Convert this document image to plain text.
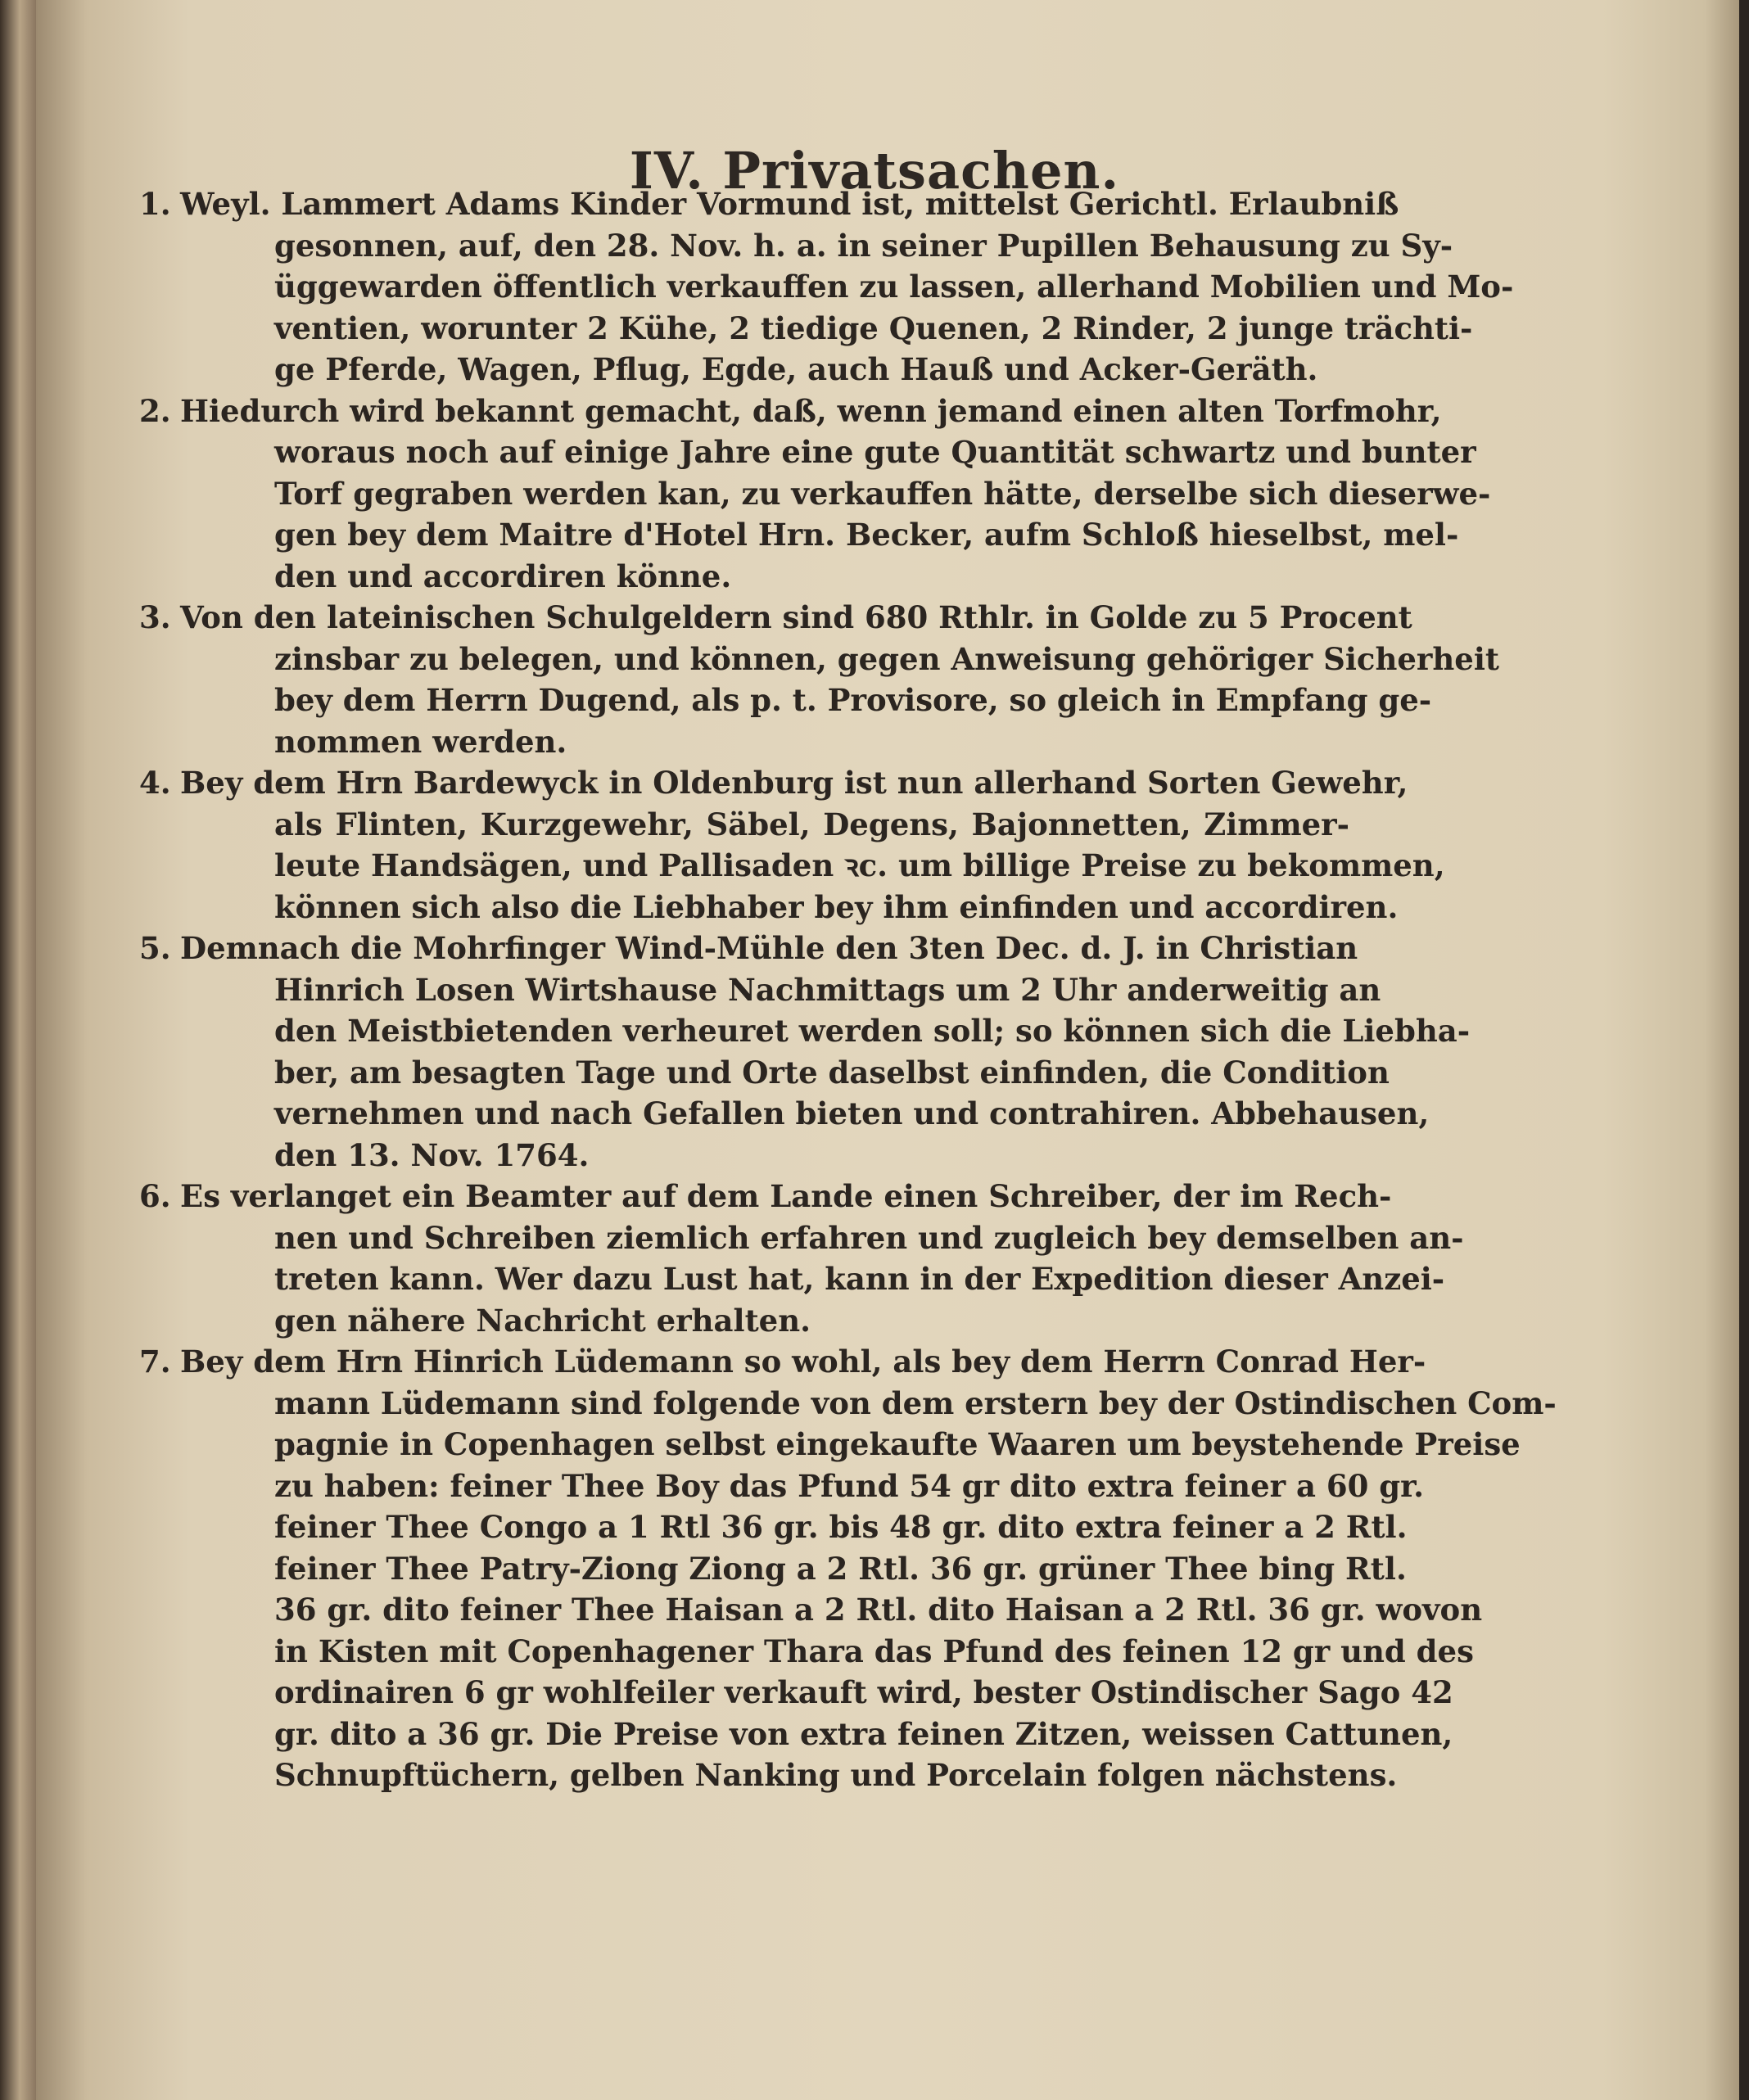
IV. Privatsachen.
1. Weyl. Lammert Adams Kinder Vormund ist, mittelst Gerichtl. Erlaubniß
gesonnen, auf, den 28. Nov. h. a. in seiner Pupillen Behausung zu Sy-
üggewarden öffentlich verkauffen zu lassen, allerhand Mobilien und Mo-
ventien, worunter 2 Kühe, 2 tiedige Quenen, 2 Rinder, 2 junge trächti-
ge Pferde, Wagen, Pflug, Egde, auch Hauß und Acker-Geräth.
2. Hiedurch wird bekannt gemacht, daß, wenn jemand einen alten Torfmohr,
woraus noch auf einige Jahre eine gute Quantität schwartz und bunter
Torf gegraben werden kan, zu verkauffen hätte, derselbe sich dieserwe-
gen bey dem Maitre d'Hotel Hrn. Becker, aufm Schloß hieselbst, mel-
den und accordiren könne.
3. Von den lateinischen Schulgeldern sind 680 Rthlr. in Golde zu 5 Procent
zinsbar zu belegen, und können, gegen Anweisung gehöriger Sicherheit
bey dem Herrn Dugend, als p. t. Provisore, so gleich in Empfang ge-
nommen werden.
4. Bey dem Hrn Bardewyck in Oldenburg ist nun allerhand Sorten Gewehr,
als Flinten, Kurzgewehr, Säbel, Degens, Bajonnetten, Zimmer-
leute Handsägen, und Pallisaden ꝛc. um billige Preise zu bekommen,
können sich also die Liebhaber bey ihm einfinden und accordiren.
5. Demnach die Mohrfinger Wind-Mühle den 3ten Dec. d. J. in Christian
Hinrich Losen Wirtshause Nachmittags um 2 Uhr anderweitig an
den Meistbietenden verheuret werden soll; so können sich die Liebha-
ber, am besagten Tage und Orte daselbst einfinden, die Condition
vernehmen und nach Gefallen bieten und contrahiren. Abbehausen,
den 13. Nov. 1764.
6. Es verlanget ein Beamter auf dem Lande einen Schreiber, der im Rech-
nen und Schreiben ziemlich erfahren und zugleich bey demselben an-
treten kann. Wer dazu Lust hat, kann in der Expedition dieser Anzei-
gen nähere Nachricht erhalten.
7. Bey dem Hrn Hinrich Lüdemann so wohl, als bey dem Herrn Conrad Her-
mann Lüdemann sind folgende von dem erstern bey der Ostindischen Com-
pagnie in Copenhagen selbst eingekaufte Waaren um beystehende Preise
zu haben: feiner Thee Boy das Pfund 54 gr dito extra feiner a 60 gr.
feiner Thee Congo a 1 Rtl 36 gr. bis 48 gr. dito extra feiner a 2 Rtl.
feiner Thee Patry-Ziong Ziong a 2 Rtl. 36 gr. grüner Thee bing Rtl.
36 gr. dito feiner Thee Haisan a 2 Rtl. dito Haisan a 2 Rtl. 36 gr. wovon
in Kisten mit Copenhagener Thara das Pfund des feinen 12 gr und des
ordinairen 6 gr wohlfeiler verkauft wird, bester Ostindischer Sago 42
gr. dito a 36 gr. Die Preise von extra feinen Zitzen, weissen Cattunen,
Schnupftüchern, gelben Nanking und Porcelain folgen nächstens.
